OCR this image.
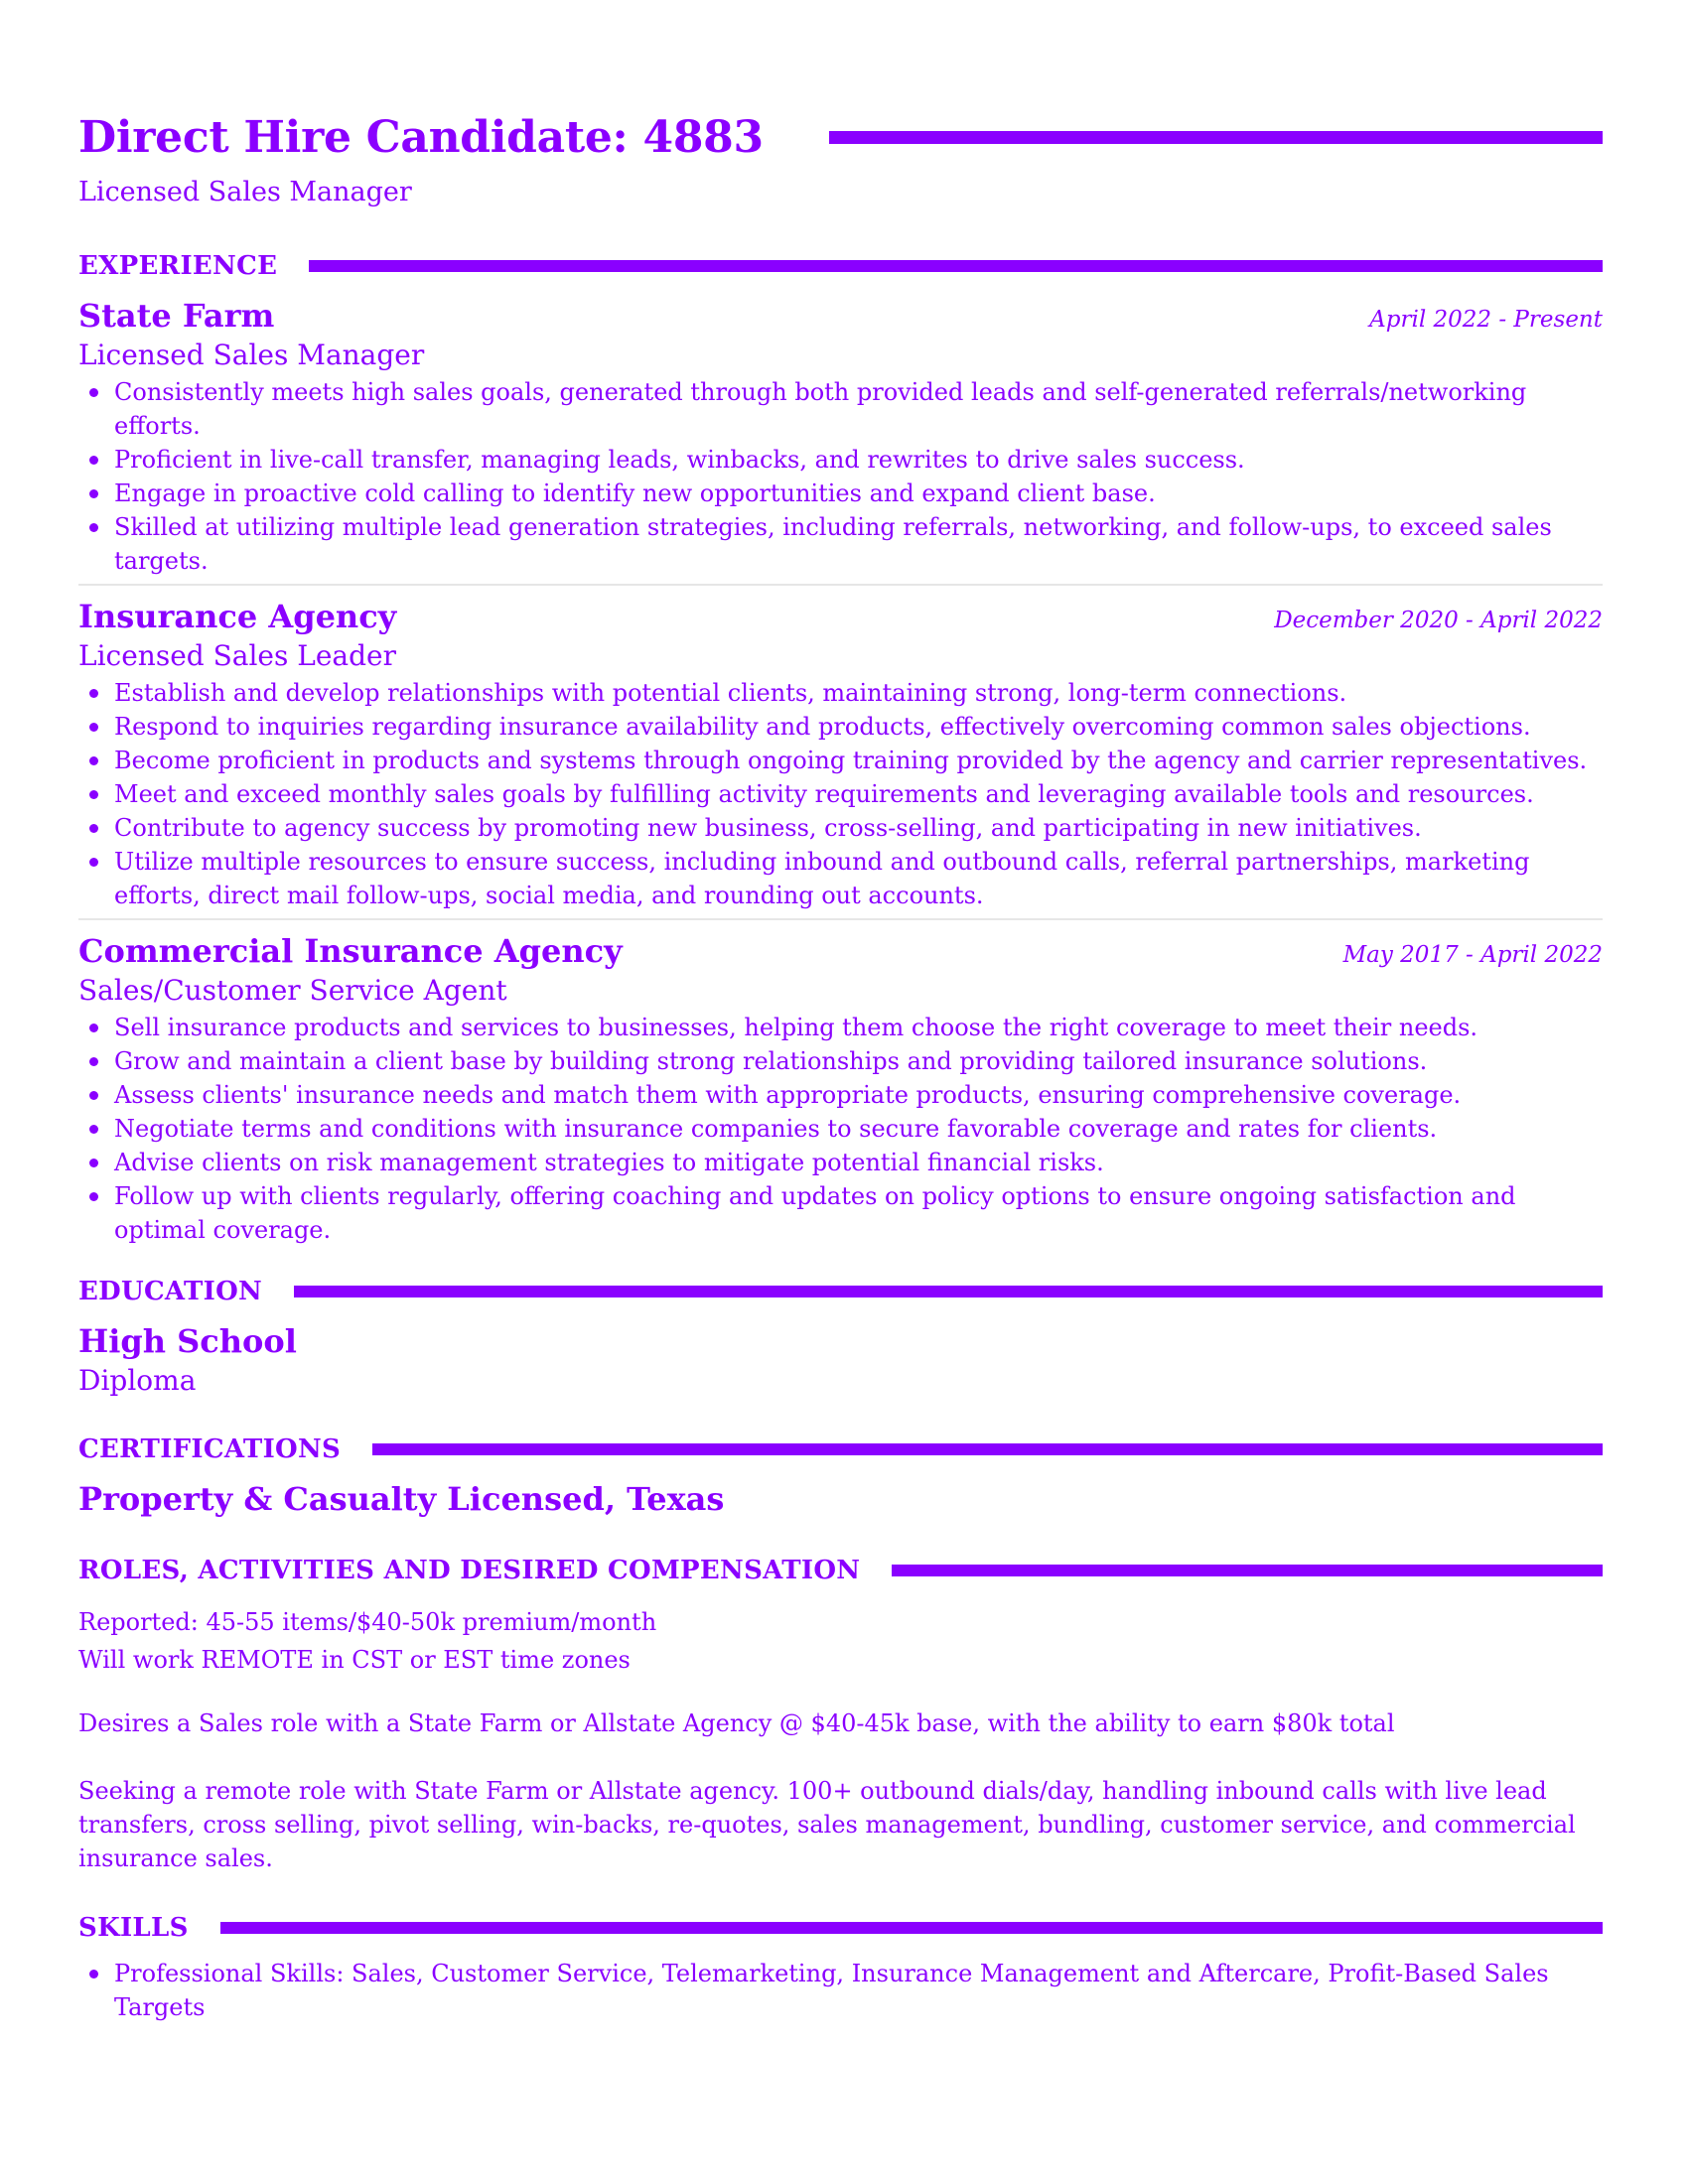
Direct Hire Candidate: 4883
Licensed Sales Manager
EXPERIENCE
State Farm	April 2022 - Present
Licensed Sales Manager
Consistently meets high sales goals, generated through both provided leads and self-generated referrals/networking efforts.
Proficient in live-call transfer, managing leads, winbacks, and rewrites to drive sales success.
Engage in proactive cold calling to identify new opportunities and expand client base.
Skilled at utilizing multiple lead generation strategies, including referrals, networking, and follow-ups, to exceed sales targets.
Insurance Agency	December 2020 - April 2022
Licensed Sales Leader
Establish and develop relationships with potential clients, maintaining strong, long-term connections.
Respond to inquiries regarding insurance availability and products, effectively overcoming common sales objections.
Become proficient in products and systems through ongoing training provided by the agency and carrier representatives.
Meet and exceed monthly sales goals by fulfilling activity requirements and leveraging available tools and resources.
Contribute to agency success by promoting new business, cross-selling, and participating in new initiatives.
Utilize multiple resources to ensure success, including inbound and outbound calls, referral partnerships, marketing efforts, direct mail follow-ups, social media, and rounding out accounts.
Commercial Insurance Agency	May 2017 - April 2022
Sales/Customer Service Agent
Sell insurance products and services to businesses, helping them choose the right coverage to meet their needs.
Grow and maintain a client base by building strong relationships and providing tailored insurance solutions.
Assess clients' insurance needs and match them with appropriate products, ensuring comprehensive coverage.
Negotiate terms and conditions with insurance companies to secure favorable coverage and rates for clients.
Advise clients on risk management strategies to mitigate potential financial risks.
Follow up with clients regularly, offering coaching and updates on policy options to ensure ongoing satisfaction and optimal coverage.
EDUCATION
High School
Diploma
CERTIFICATIONS
Property & Casualty Licensed, Texas
ROLES, ACTIVITIES AND DESIRED COMPENSATION
Reported: 45-55 items/$40-50k premium/month
Will work REMOTE in CST or EST time zones
Desires a Sales role with a State Farm or Allstate Agency @ $40-45k base, with the ability to earn $80k total
Seeking a remote role with State Farm or Allstate agency. 100+ outbound dials/day, handling inbound calls with live lead transfers, cross selling, pivot selling, win-backs, re-quotes, sales management, bundling, customer service, and commercial insurance sales.
SKILLS
Professional Skills: Sales, Customer Service, Telemarketing, Insurance Management and Aftercare, Profit-Based Sales Targets
